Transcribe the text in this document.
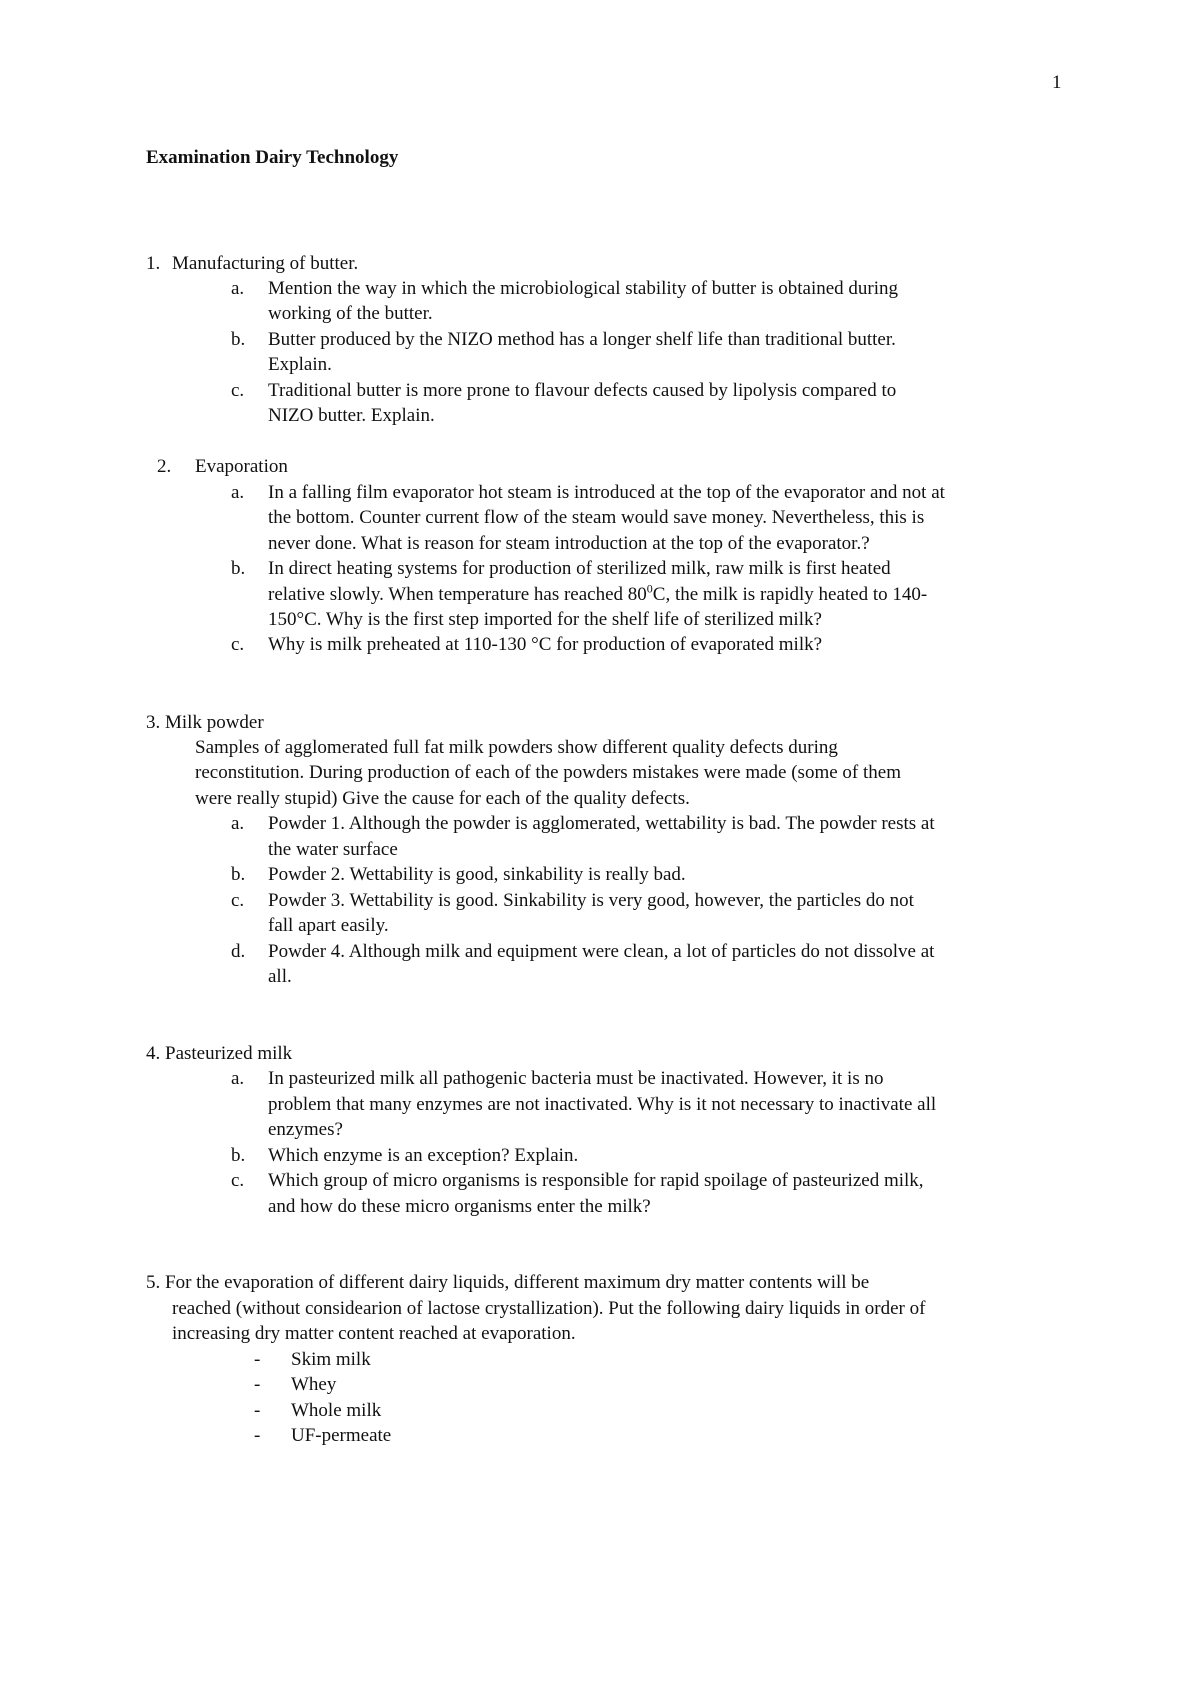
1
Examination Dairy Technology
1. Manufacturing of butter.
a. Mention the way in which the microbiological stability of butter is obtained during
working of the butter.
b. Butter produced by the NIZO method has a longer shelf life than traditional butter.
Explain.
c. Traditional butter is more prone to flavour defects caused by lipolysis compared to
NIZO butter. Explain.
2. Evaporation
a. In a falling film evaporator hot steam is introduced at the top of the evaporator and not at
the bottom. Counter current flow of the steam would save money. Nevertheless, this is
never done. What is reason for steam introduction at the top of the evaporator.?
b. In direct heating systems for production of sterilized milk, raw milk is first heated
relative slowly. When temperature has reached $80^0C$, the milk is rapidly heated to 140-
150°C. Why is the first step imported for the shelf life of sterilized milk?
c. Why is milk preheated at 110-130 °C for production of evaporated milk?
3. Milk powder
Samples of agglomerated full fat milk powders show different quality defects during
reconstitution. During production of each of the powders mistakes were made (some of them
were really stupid) Give the cause for each of the quality defects.
a. Powder 1. Although the powder is agglomerated, wettability is bad. The powder rests at
the water surface
b. Powder 2. Wettability is good, sinkability is really bad.
c. Powder 3. Wettability is good. Sinkability is very good, however, the particles do not
fall apart easily.
d. Powder 4. Although milk and equipment were clean, a lot of particles do not dissolve at
all.
4. Pasteurized milk
a. In pasteurized milk all pathogenic bacteria must be inactivated. However, it is no
problem that many enzymes are not inactivated. Why is it not necessary to inactivate all
enzymes?
b. Which enzyme is an exception? Explain.
c. Which group of micro organisms is responsible for rapid spoilage of pasteurized milk,
and how do these micro organisms enter the milk?
5. For the evaporation of different dairy liquids, different maximum dry matter contents will be
reached (without considearion of lactose crystallization). Put the following dairy liquids in order of
increasing dry matter content reached at evaporation.
- Skim milk
- Whey
- Whole milk
- UF-permeate
